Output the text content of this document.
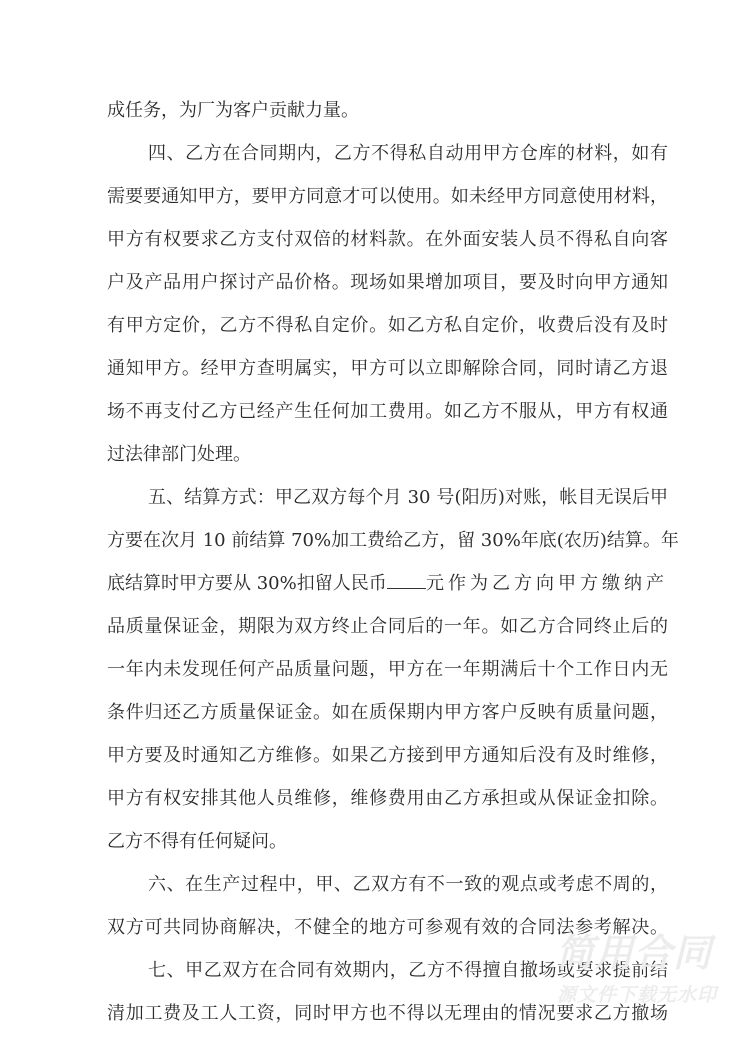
成任务，为厂为客户贡献力量。
四、乙方在合同期内，乙方不得私自动用甲方仓库的材料，如有
需要要通知甲方，要甲方同意才可以使用。如未经甲方同意使用材料，
甲方有权要求乙方支付双倍的材料款。在外面安装人员不得私自向客
户及产品用户探讨产品价格。现场如果增加项目，要及时向甲方通知
有甲方定价，乙方不得私自定价。如乙方私自定价，收费后没有及时
通知甲方。经甲方查明属实，甲方可以立即解除合同，同时请乙方退
场不再支付乙方已经产生任何加工费用。如乙方不服从，甲方有权通
过法律部门处理。
五、结算方式：甲乙双方每个月 30 号(阳历)对账，帐目无误后甲
方要在次月 10 前结算 70%加工费给乙方，留 30%年底(农历)结算。年
底结算时甲方要从 30%扣留人民币 元作为乙方向甲方缴纳产
品质量保证金，期限为双方终止合同后的一年。如乙方合同终止后的
一年内未发现任何产品质量问题，甲方在一年期满后十个工作日内无
条件归还乙方质量保证金。如在质保期内甲方客户反映有质量问题，
甲方要及时通知乙方维修。如果乙方接到甲方通知后没有及时维修，
甲方有权安排其他人员维修，维修费用由乙方承担或从保证金扣除。
乙方不得有任何疑问。
六、在生产过程中，甲、乙双方有不一致的观点或考虑不周的，
双方可共同协商解决，不健全的地方可参观有效的合同法参考解决。
七、甲乙双方在合同有效期内，乙方不得擅自撤场或要求提前结
清加工费及工人工资，同时甲方也不得以无理由的情况要求乙方撤场
简用合同
源文件下载无水印
